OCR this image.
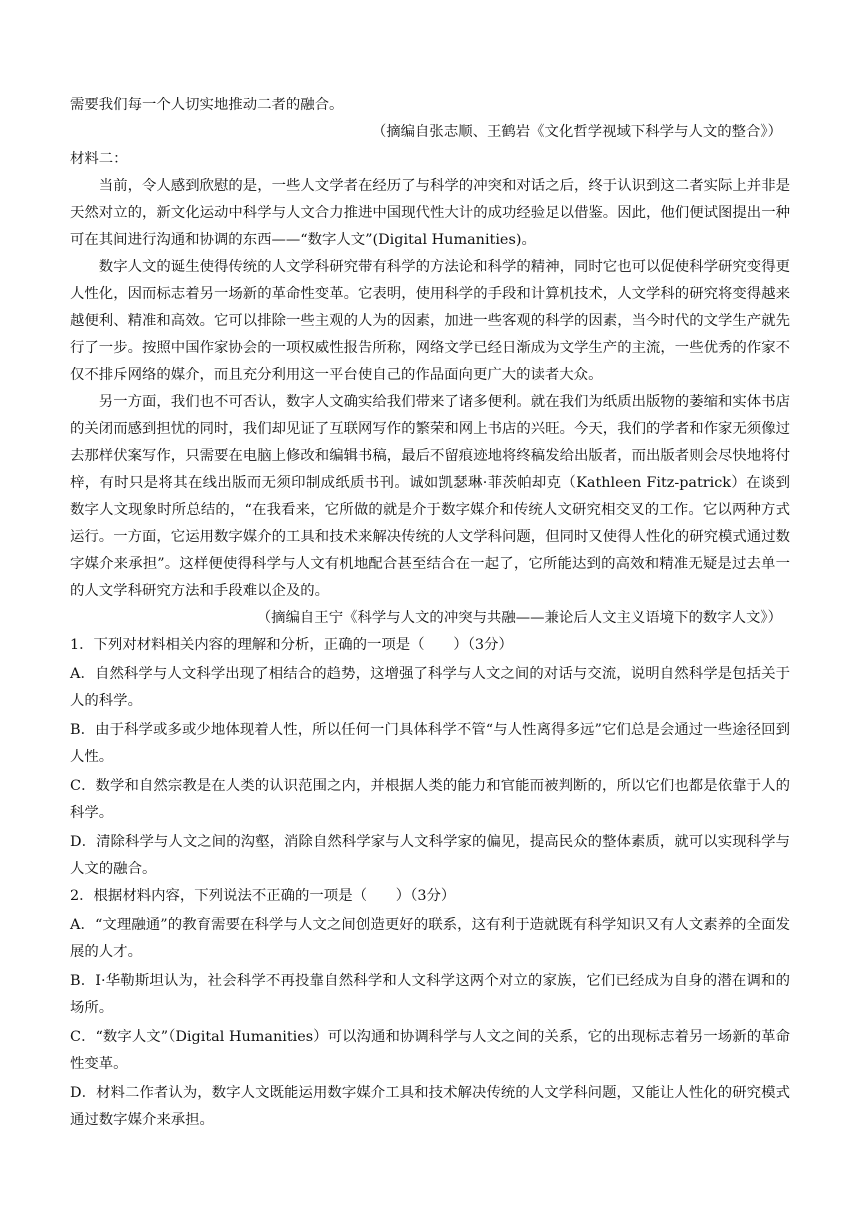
需要我们每一个人切实地推动二者的融合。

（摘编自张志顺、王鹤岩《文化哲学视域下科学与人文的整合》）

材料二：

当前，令人感到欣慰的是，一些人文学者在经历了与科学的冲突和对话之后，终于认识到这二者实际上并非是天然对立的，新文化运动中科学与人文合力推进中国现代性大计的成功经验足以借鉴。因此，他们便试图提出一种可在其间进行沟通和协调的东西——“数字人文”(Digital Humanities)。

数字人文的诞生使得传统的人文学科研究带有科学的方法论和科学的精神，同时它也可以促使科学研究变得更人性化，因而标志着另一场新的革命性变革。它表明，使用科学的手段和计算机技术，人文学科的研究将变得越来越便利、精准和高效。它可以排除一些主观的人为的因素，加进一些客观的科学的因素，当今时代的文学生产就先行了一步。按照中国作家协会的一项权威性报告所称，网络文学已经日渐成为文学生产的主流，一些优秀的作家不仅不排斥网络的媒介，而且充分利用这一平台使自己的作品面向更广大的读者大众。

另一方面，我们也不可否认，数字人文确实给我们带来了诸多便利。就在我们为纸质出版物的萎缩和实体书店的关闭而感到担忧的同时，我们却见证了互联网写作的繁荣和网上书店的兴旺。今天，我们的学者和作家无须像过去那样伏案写作，只需要在电脑上修改和编辑书稿，最后不留痕迹地将终稿发给出版者，而出版者则会尽快地将付梓，有时只是将其在线出版而无须印制成纸质书刊。诚如凯瑟琳·菲茨帕却克（Kathleen Fitz-patrick）在谈到数字人文现象时所总结的，“在我看来，它所做的就是介于数字媒介和传统人文研究相交叉的工作。它以两种方式运行。一方面，它运用数字媒介的工具和技术来解决传统的人文学科问题，但同时又使得人性化的研究模式通过数字媒介来承担”。这样便使得科学与人文有机地配合甚至结合在一起了，它所能达到的高效和精准无疑是过去单一的人文学科研究方法和手段难以企及的。

（摘编自王宁《科学与人文的冲突与共融——兼论后人文主义语境下的数字人文》）

1．下列对材料相关内容的理解和分析，正确的一项是（　　）（3分）

A．自然科学与人文科学出现了相结合的趋势，这增强了科学与人文之间的对话与交流，说明自然科学是包括关于人的科学。

B．由于科学或多或少地体现着人性，所以任何一门具体科学不管“与人性离得多远”它们总是会通过一些途径回到人性。

C．数学和自然宗教是在人类的认识范围之内，并根据人类的能力和官能而被判断的，所以它们也都是依靠于人的科学。

D．清除科学与人文之间的沟壑，消除自然科学家与人文科学家的偏见，提高民众的整体素质，就可以实现科学与人文的融合。

2．根据材料内容，下列说法不正确的一项是（　　）（3分）

A．“文理融通”的教育需要在科学与人文之间创造更好的联系，这有利于造就既有科学知识又有人文素养的全面发展的人才。

B．I·华勒斯坦认为，社会科学不再投靠自然科学和人文科学这两个对立的家族，它们已经成为自身的潜在调和的场所。

C．“数字人文”（Digital Humanities）可以沟通和协调科学与人文之间的关系，它的出现标志着另一场新的革命性变革。

D．材料二作者认为，数字人文既能运用数字媒介工具和技术解决传统的人文学科问题，又能让人性化的研究模式通过数字媒介来承担。
